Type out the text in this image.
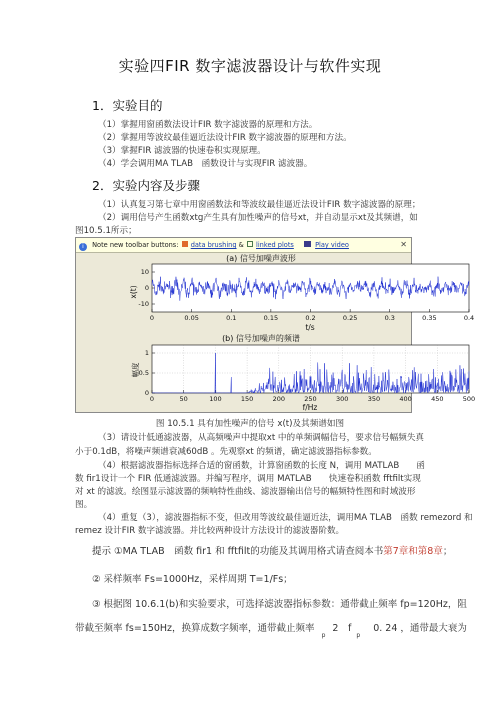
实验四FIR 数字滤波器设计与软件实现
1．实验目的
（1）掌握用窗函数法设计FIR 数字滤波器的原理和方法。
（2）掌握用等波纹最佳逼近法设计FIR 数字滤波器的原理和方法。
（3）掌握FIR 滤波器的快速卷积实现原理。
（4）学会调用MA TLAB　函数设计与实现FIR 滤波器。
2．实验内容及步骤
（1）认真复习第七章中用窗函数法和等波纹最佳逼近法设计FIR 数字滤波器的原理；
（2）调用信号产生函数xtg产生具有加性噪声的信号xt，并自动显示xt及其频谱，如
图10.5.1所示；
i Note new toolbar buttons: data brushing & linked plots	Play video	✕
(a) 信号加噪声波形
10
0
-10
0	0.05	0.1	0.15	0.2	0.25	0.3	0.35	0.4
x(t)
t/s
(b) 信号加噪声的频谱
1
0.5
0
0	50	100	150	200	250	300	350	400	450	500
幅度
f/Hz
图 10.5.1 具有加性噪声的信号 x(t)及其频谱如图
（3）请设计低通滤波器，从高频噪声中提取xt 中的单频调幅信号，要求信号幅频失真
小于0.1dB，将噪声频谱衰减60dB 。先观察xt 的频谱，确定滤波器指标参数。
（4）根据滤波器指标选择合适的窗函数，计算窗函数的长度 N，调用 MATLAB　　函
数 fir1设计一个 FIR 低通滤波器。并编写程序，调用 MATLAB　　快速卷积函数 fftfilt实现
对 xt 的滤波。绘图显示滤波器的频响特性曲线、滤波器输出信号的幅频特性图和时域波形
图。
（4）重复（3），滤波器指标不变，但改用等波纹最佳逼近法，调用MA TLAB　函数 remezord 和
remez 设计FIR 数字滤波器。并比较两种设计方法设计的滤波器阶数。
提示 ①MA TLAB　函数 fir1 和 fftfilt的功能及其调用格式请查阅本书第7章和第8章；
② 采样频率 Fs=1000Hz，采样周期 T=1/Fs；
③ 根据图 10.6.1(b)和实验要求，可选择滤波器指标参数：通带截止频率 fp=120Hz，阻
带截至频率 fs=150Hz，换算成数字频率，通带截止频率 $_p$ 2　f $_p$ 0. 24 ，通带最大衰为
